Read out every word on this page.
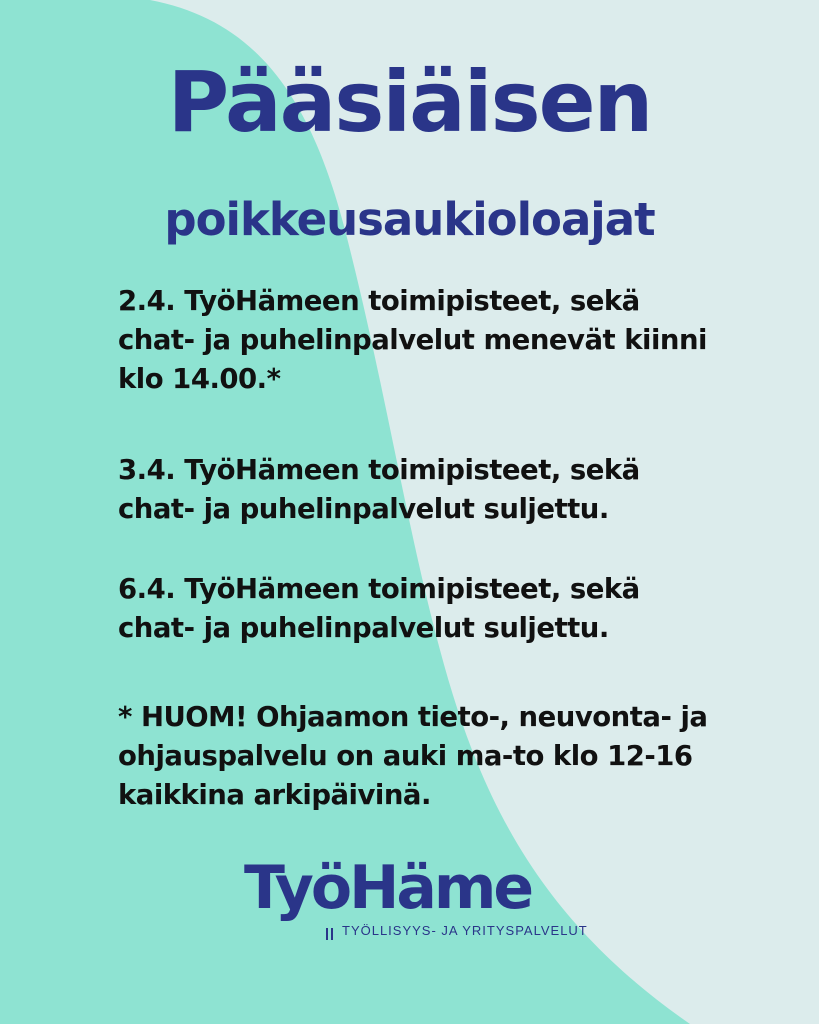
Pääsiäisen
poikkeusaukioloajat

2.4. TyöHämeen toimipisteet, sekä
chat- ja puhelinpalvelut menevät kiinni
klo 14.00.*

3.4. TyöHämeen toimipisteet, sekä
chat- ja puhelinpalvelut suljettu.

6.4. TyöHämeen toimipisteet, sekä
chat- ja puhelinpalvelut suljettu.

* HUOM! Ohjaamon tieto-, neuvonta- ja
ohjauspalvelu on auki ma-to klo 12-16
kaikkina arkipäivinä.

TyöHäme

TYÖLLISYYS- JA YRITYSPALVELUT
